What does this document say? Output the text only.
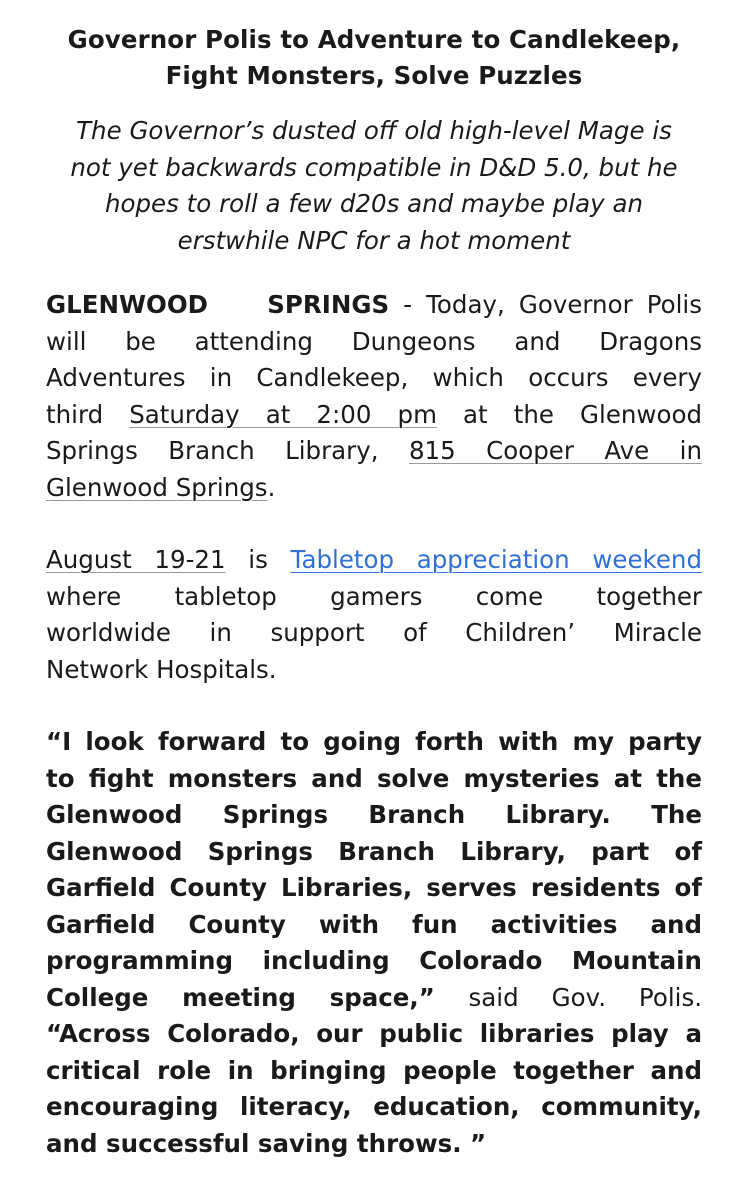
Governor Polis to Adventure to Candlekeep,
Fight Monsters, Solve Puzzles

The Governor’s dusted off old high-level Mage is
not yet backwards compatible in D&D 5.0, but he
hopes to roll a few d20s and maybe play an
erstwhile NPC for a hot moment

GLENWOOD    SPRINGS - Today, Governor Polis
will be attending Dungeons and Dragons
Adventures in Candlekeep, which occurs every
third Saturday at 2:00 pm at the Glenwood
Springs Branch Library, 815 Cooper Ave in
Glenwood Springs.
August 19-21 is Tabletop appreciation weekend
where tabletop gamers come together
worldwide in support of Children’ Miracle
Network Hospitals.
“I look forward to going forth with my party
to fight monsters and solve mysteries at the
Glenwood Springs Branch Library. The
Glenwood Springs Branch Library, part of
Garfield County Libraries, serves residents of
Garfield County with fun activities and
programming including Colorado Mountain
College meeting space,” said Gov. Polis.
“Across Colorado, our public libraries play a
critical role in bringing people together and
encouraging literacy, education, community,
and successful saving throws. ”
